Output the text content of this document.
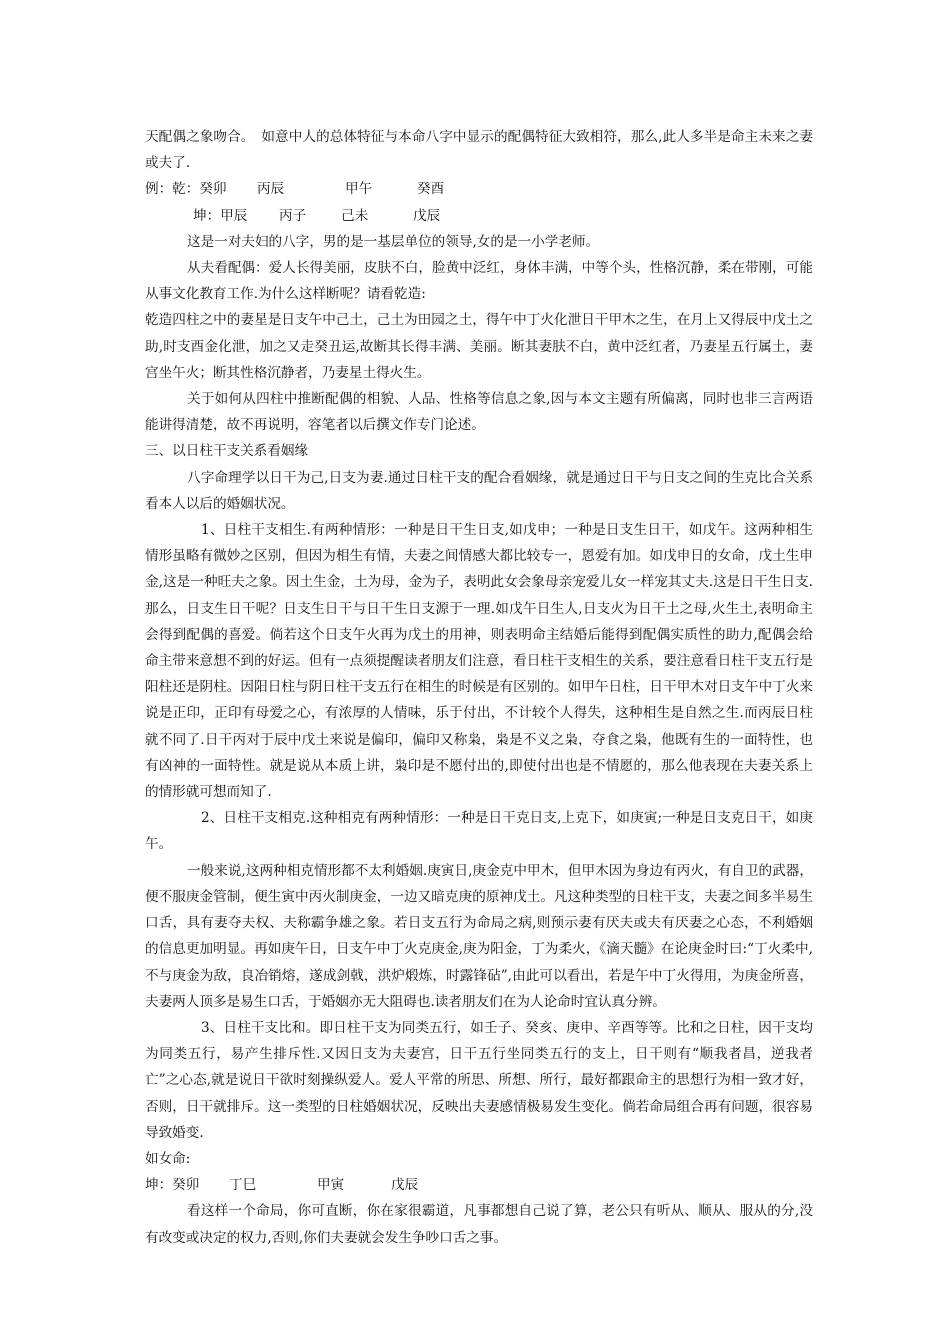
天配偶之象吻合。　如意中人的总体特征与本命八字中显示的配偶特征大致相符，那么,此人多半是命主未来之妻或夫了.

例：乾：癸卯 丙辰	甲午	癸酉

坤：甲辰 丙子	己未	戊辰

这是一对夫妇的八字，男的是一基层单位的领导,女的是一小学老师。

从夫看配偶：爱人长得美丽，皮肤不白，脸黄中泛红，身体丰满，中等个头，性格沉静，柔在带刚，可能从事文化教育工作.为什么这样断呢？请看乾造:

乾造四柱之中的妻星是日支午中己土，己土为田园之土，得午中丁火化泄日干甲木之生，在月上又得辰中戊土之助,时支酉金化泄，加之又走癸丑运,故断其长得丰满、美丽。断其妻肤不白，黄中泛红者，乃妻星五行属土，妻宫坐午火；断其性格沉静者，乃妻星土得火生。

关于如何从四柱中推断配偶的相貌、人品、性格等信息之象,因与本文主题有所偏离，同时也非三言两语能讲得清楚，故不再说明，容笔者以后撰文作专门论述。

三、以日柱干支关系看姻缘

八字命理学以日干为己,日支为妻.通过日柱干支的配合看姻缘，就是通过日干与日支之间的生克比合关系看本人以后的婚姻状况。

1、日柱干支相生.有两种情形：一种是日干生日支,如戊申；一种是日支生日干，如戊午。这两种相生情形虽略有微妙之区别，但因为相生有情，夫妻之间情感大都比较专一，恩爱有加。如戊申日的女命，戊土生申金,这是一种旺夫之象。因土生金，土为母，金为子，表明此女会象母亲宠爱儿女一样宠其丈夫.这是日干生日支.那么，日支生日干呢？日支生日干与日干生日支源于一理.如戊午日生人,日支火为日干土之母,火生土,表明命主会得到配偶的喜爱。倘若这个日支午火再为戊土的用神，则表明命主结婚后能得到配偶实质性的助力,配偶会给命主带来意想不到的好运。但有一点须提醒读者朋友们注意，看日柱干支相生的关系，要注意看日柱干支五行是阳柱还是阴柱。因阳日柱与阴日柱干支五行在相生的时候是有区别的。如甲午日柱，日干甲木对日支午中丁火来说是正印，正印有母爱之心，有浓厚的人情味，乐于付出，不计较个人得失，这种相生是自然之生.而丙辰日柱就不同了.日干丙对于辰中戊土来说是偏印，偏印又称枭，枭是不义之枭，夺食之枭，他既有生的一面特性，也有凶神的一面特性。就是说从本质上讲，枭印是不愿付出的,即使付出也是不情愿的，那么他表现在夫妻关系上的情形就可想而知了.

2、日柱干支相克.这种相克有两种情形：一种是日干克日支,上克下，如庚寅;一种是日支克日干，如庚午。

一般来说,这两种相克情形都不太利婚姻.庚寅日,庚金克中甲木，但甲木因为身边有丙火，有自卫的武器，便不服庚金管制，便生寅中丙火制庚金，一边又暗克庚的原神戊土。凡这种类型的日柱干支，夫妻之间多半易生口舌，具有妻夺夫权、夫称霸争雄之象。若日支五行为命局之病,则预示妻有厌夫或夫有厌妻之心态，不利婚姻的信息更加明显。再如庚午日，日支午中丁火克庚金,庚为阳金，丁为柔火，《滴天髓》在论庚金时曰:“丁火柔中,不与庚金为敌，良冶销熔，遂成剑戟，洪炉煅炼，时露锋砧”,由此可以看出，若是午中丁火得用，为庚金所喜，夫妻两人顶多是易生口舌，于婚姻亦无大阻碍也.读者朋友们在为人论命时宜认真分辨。

3、日柱干支比和。即日柱干支为同类五行，如壬子、癸亥、庚申、辛酉等等。比和之日柱，因干支均为同类五行，易产生排斥性.又因日支为夫妻宫，日干五行坐同类五行的支上，日干则有“顺我者昌，逆我者亡”之心态,就是说日干欲时刻操纵爱人。爱人平常的所思、所想、所行，最好都跟命主的思想行为相一致才好，否则，日干就排斥。这一类型的日柱婚姻状况，反映出夫妻感情极易发生变化。倘若命局组合再有问题，很容易导致婚变.

如女命:

坤：癸卯 丁巳	甲寅	戊辰

看这样一个命局，你可直断，你在家很霸道，凡事都想自己说了算，老公只有听从、顺从、服从的分,没有改变或决定的权力,否则,你们夫妻就会发生争吵口舌之事。
